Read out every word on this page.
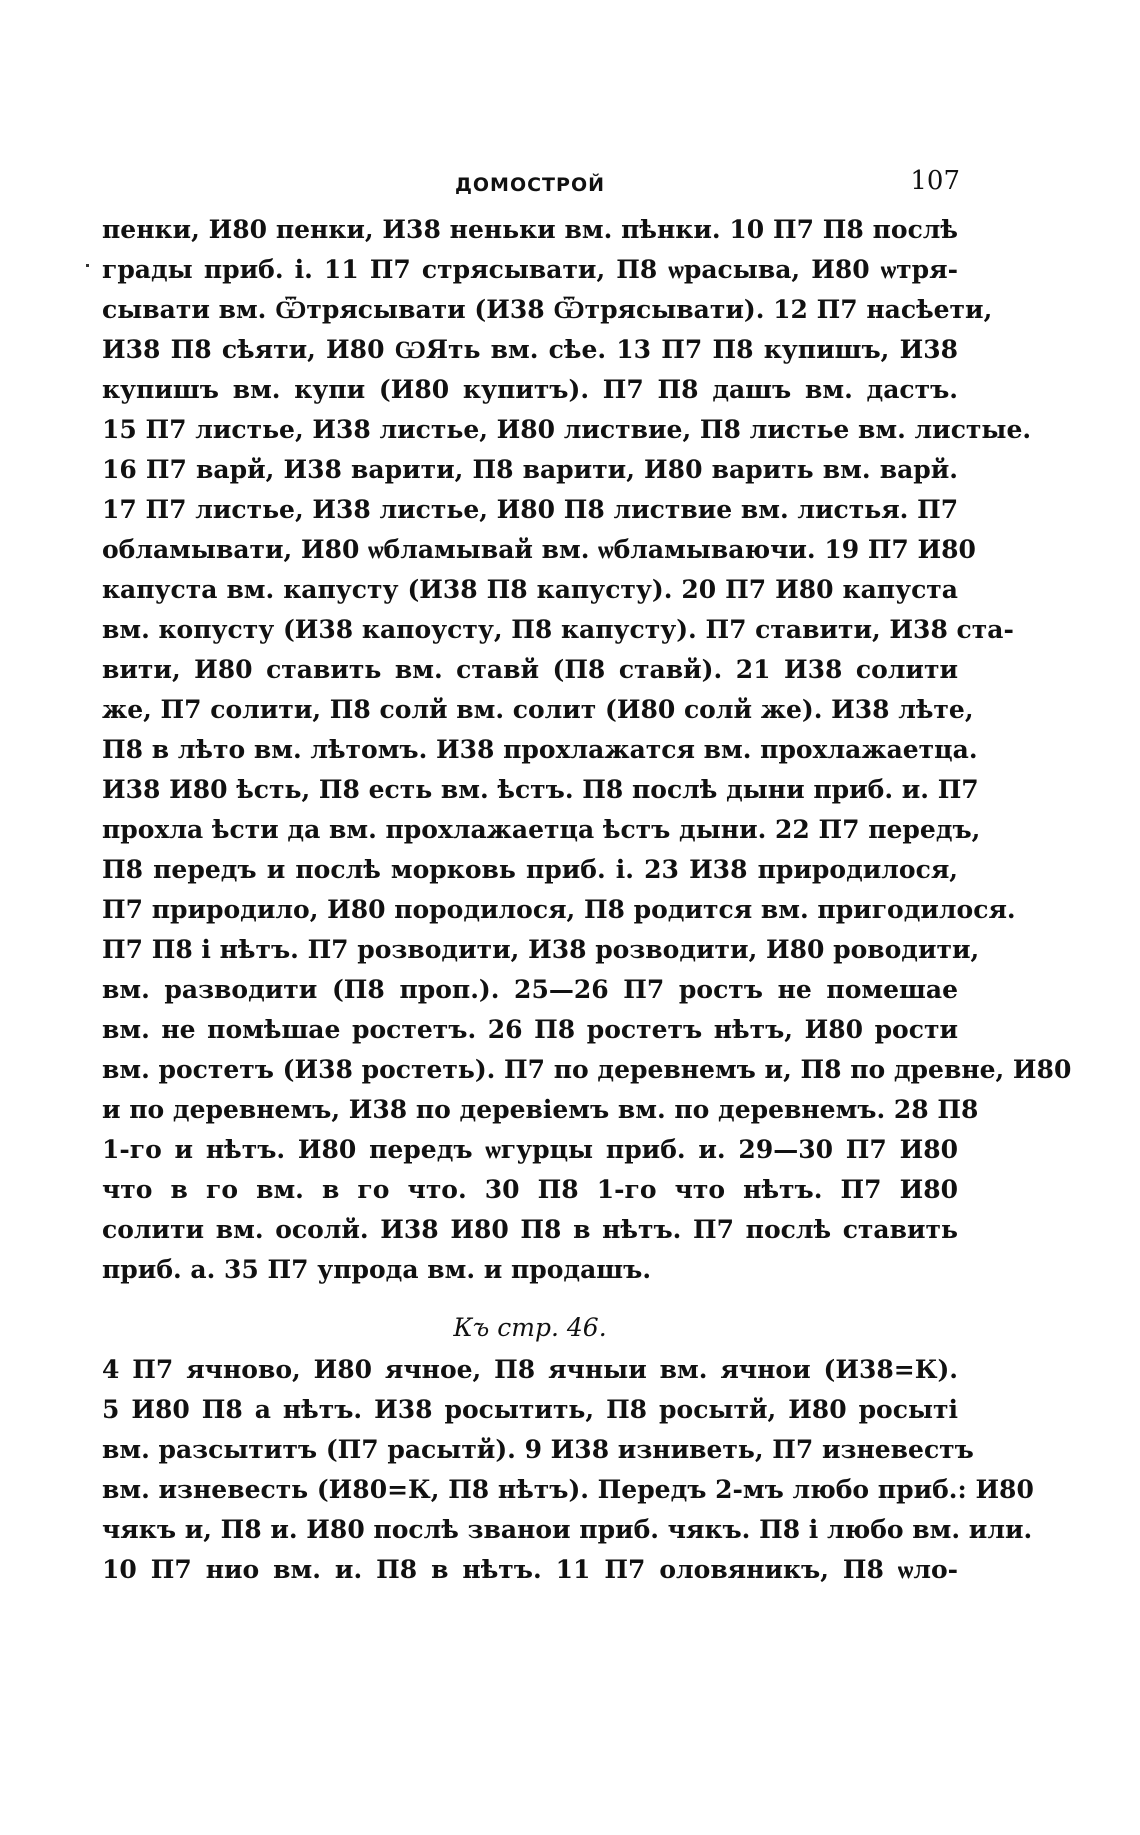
ДОМОСТРОЙ	107
пенки, И80 пенки, И38 неньки вм. пѣнки. 10 П7 П8 послѣ
грады приб. і. 11 П7 стрясывати, П8 ѡрасыва, И80 ѡтря-
сывати вм. Ѿтрясывати (И38 Ѿтрясывати). 12 П7 насѣети,
И38 П8 сѣяти, И80 ѠЯть вм. сѣе. 13 П7 П8 купишъ, И38
купишъ вм. купи (И80 купитъ). П7 П8 дашъ вм. дастъ.
15 П7 листье, И38 листье, И80 листвие, П8 листье вм. листые.
16 П7 варй, И38 варити, П8 варити, И80 варить вм. варй.
17 П7 листье, И38 листье, И80 П8 листвие вм. листья. П7
обламывати, И80 ѡбламывай вм. ѡбламываючи. 19 П7 И80
капуста вм. капусту (И38 П8 капусту). 20 П7 И80 капуста
вм. копусту (И38 капоусту, П8 капусту). П7 ставити, И38 ста-
вити, И80 ставить вм. ставй (П8 ставй). 21 И38 солити
же, П7 солити, П8 солй вм. солит (И80 солй же). И38 лѣте,
П8 в лѣто вм. лѣтомъ. И38 прохлажатся вм. прохлажаетца.
И38 И80 ѣсть, П8 есть вм. ѣстъ. П8 послѣ дыни приб. и. П7
прохла ѣсти да вм. прохлажаетца ѣстъ дыни. 22 П7 передъ,
П8 передъ и послѣ морковь приб. і. 23 И38 природилося,
П7 природило, И80 породилося, П8 родится вм. пригодилося.
П7 П8 і нѣтъ. П7 розводити, И38 розводити, И80 роводити,
вм. разводити (П8 проп.). 25—26 П7 ростъ не помешае
вм. не помѣшае ростетъ. 26 П8 ростетъ нѣтъ, И80 рости
вм. ростетъ (И38 ростеть). П7 по деревнемъ и, П8 по древне, И80
и по деревнемъ, И38 по деревіемъ вм. по деревнемъ. 28 П8
1-го и нѣтъ. И80 передъ ѡгурцы приб. и. 29—30 П7 И80
что в го вм. в го что. 30 П8 1-го что нѣтъ. П7 И80
солити вм. осолй. И38 И80 П8 в нѣтъ. П7 послѣ ставить
приб. а. 35 П7 упрода вм. и продашъ.
Къ стр. 46.
4 П7 ячново, И80 ячное, П8 ячныи вм. ячнои (И38=К).
5 И80 П8 а нѣтъ. И38 росытить, П8 росытй, И80 росыті
вм. разсытитъ (П7 расытй). 9 И38 изниветь, П7 изневестъ
вм. изневесть (И80=К, П8 нѣтъ). Передъ 2-мъ любо приб.: И80
чякъ и, П8 и. И80 послѣ званои приб. чякъ. П8 і любо вм. или.
10 П7 нио вм. и. П8 в нѣтъ. 11 П7 оловяникъ, П8 ѡло-
